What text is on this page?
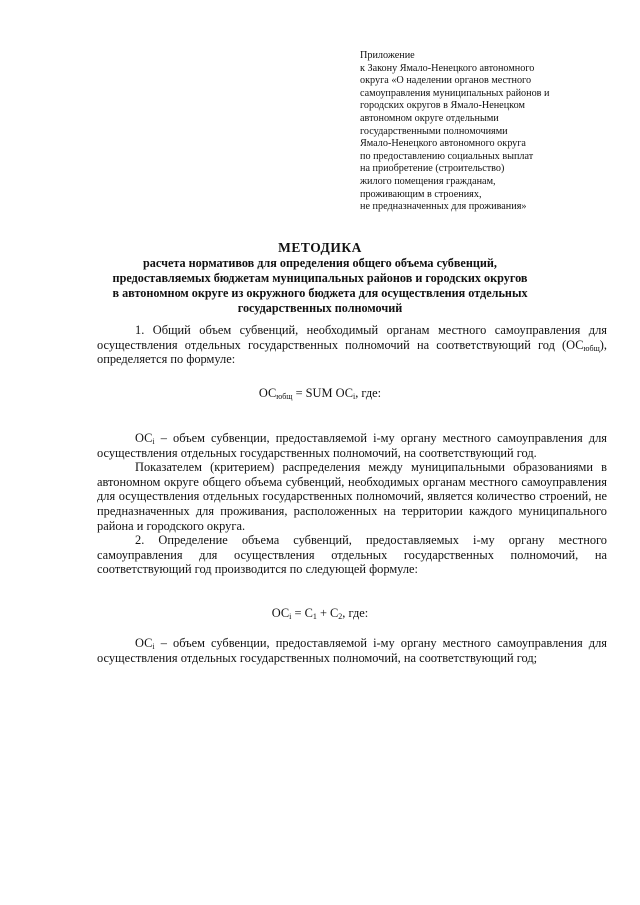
Приложение
к Закону Ямало-Ненецкого автономного
округа «О наделении органов местного
самоуправления муниципальных районов и
городских округов в Ямало-Ненецком
автономном округе отдельными
государственными полномочиями
Ямало-Ненецкого автономного округа
по предоставлению социальных выплат
на приобретение (строительство)
жилого помещения гражданам,
проживающим в строениях,
не предназначенных для проживания»
МЕТОДИКА
расчета нормативов для определения общего объема субвенций,
предоставляемых бюджетам муниципальных районов и городских округов
в автономном округе из окружного бюджета для осуществления отдельных
государственных полномочий

1. Общий объем субвенций, необходимый органам местного самоуправления для осуществления отдельных государственных полномочий на соответствующий год $(ОС_{юбщ})$, определяется по формуле:

$ОС_{юбщ}$ = SUM $ОС_i$, где:

$ОС_i$ – объем субвенции, предоставляемой i-му органу местного самоуправления для осуществления отдельных государственных полномочий, на соответствующий год.

Показателем (критерием) распределения между муниципальными образованиями в автономном округе общего объема субвенций, необходимых органам местного самоуправления для осуществления отдельных государственных полномочий, является количество строений, не предназначенных для проживания, расположенных на территории каждого муниципального района и городского округа.

2. Определение объема субвенций, предоставляемых i-му органу местного самоуправления для осуществления отдельных государственных полномочий, на соответствующий год производится по следующей формуле:

$ОС_i = С_1 + С_2$, где:

$ОС_i$ – объем субвенции, предоставляемой i-му органу местного самоуправления для осуществления отдельных государственных полномочий, на соответствующий год;
